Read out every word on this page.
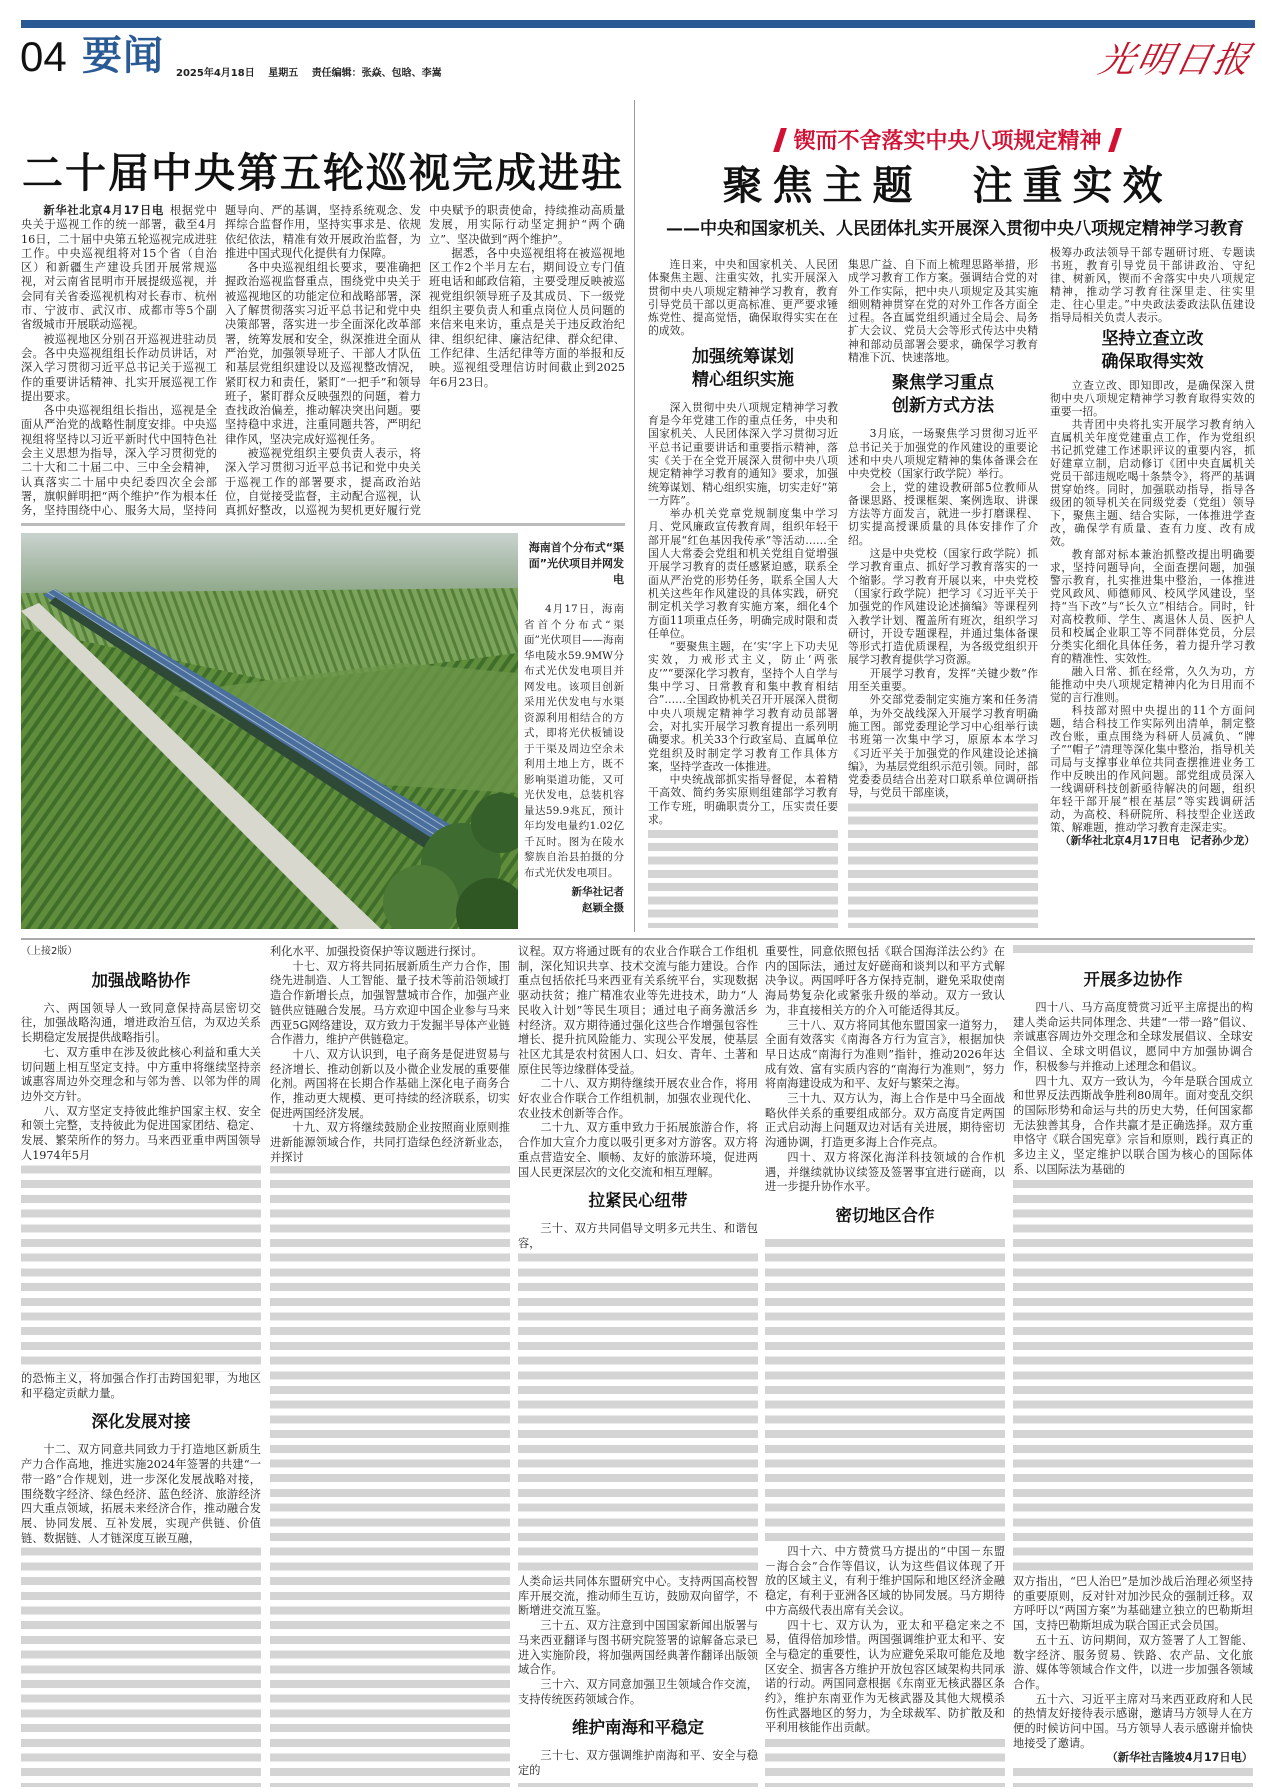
04 要闻 2025年4月18日 星期五 责任编辑：张焱、包晗、李嵩	光明日报
二十届中央第五轮巡视完成进驻

新华社北京4月17日电 根据党中央关于巡视工作的统一部署，截至4月16日，二十届中央第五轮巡视完成进驻工作。中央巡视组将对15个省（自治区）和新疆生产建设兵团开展常规巡视，对云南省昆明市开展提级巡视，并会同有关省委巡视机构对长春市、杭州市、宁波市、武汉市、成都市等5个副省级城市开展联动巡视。

被巡视地区分别召开巡视进驻动员会。各中央巡视组组长作动员讲话，对深入学习贯彻习近平总书记关于巡视工作的重要讲话精神、扎实开展巡视工作提出要求。

各中央巡视组组长指出，巡视是全面从严治党的战略性制度安排。中央巡视组将坚持以习近平新时代中国特色社会主义思想为指导，深入学习贯彻党的二十大和二十届二中、三中全会精神，认真落实二十届中央纪委四次全会部署，旗帜鲜明把“两个维护”作为根本任务，坚持围绕中心、服务大局，坚持问题导向、严的基调，坚持系统观念、发挥综合监督作用，坚持实事求是、依规依纪依法，精准有效开展政治监督，为推进中国式现代化提供有力保障。

各中央巡视组组长要求，要准确把握政治巡视监督重点，围绕党中央关于被巡视地区的功能定位和战略部署，深入了解贯彻落实习近平总书记和党中央决策部署，落实进一步全面深化改革部署，统筹发展和安全，纵深推进全面从严治党，加强领导班子、干部人才队伍和基层党组织建设以及巡视整改情况，紧盯权力和责任，紧盯“一把手”和领导班子，紧盯群众反映强烈的问题，着力查找政治偏差，推动解决突出问题。要坚持稳中求进，注重同题共答，严明纪律作风，坚决完成好巡视任务。

被巡视党组织主要负责人表示，将深入学习贯彻习近平总书记和党中央关于巡视工作的部署要求，提高政治站位，自觉接受监督，主动配合巡视，认真抓好整改，以巡视为契机更好履行党中央赋予的职责使命，持续推动高质量发展，用实际行动坚定拥护“两个确立”、坚决做到“两个维护”。

据悉，各中央巡视组将在被巡视地区工作2个半月左右，期间设立专门值班电话和邮政信箱，主要受理反映被巡视党组织领导班子及其成员、下一级党组织主要负责人和重点岗位人员问题的来信来电来访，重点是关于违反政治纪律、组织纪律、廉洁纪律、群众纪律、工作纪律、生活纪律等方面的举报和反映。巡视组受理信访时间截止到2025年6月23日。

海南首个分布式“渠面”光伏项目并网发电

4月17日，海南省首个分布式“渠面”光伏项目——海南华电陵水59.9MW分布式光伏发电项目并网发电。该项目创新采用光伏发电与水渠资源利用相结合的方式，即将光伏板铺设于干渠及周边空余未利用土地上方，既不影响渠道功能，又可光伏发电，总装机容量达59.9兆瓦，预计年均发电量约1.02亿千瓦时。图为在陵水黎族自治县拍摄的分布式光伏发电项目。

新华社记者
赵颖全摄
锲而不舍落实中央八项规定精神
聚焦主题　注重实效
——中央和国家机关、人民团体扎实开展深入贯彻中央八项规定精神学习教育

连日来，中央和国家机关、人民团体聚焦主题、注重实效，扎实开展深入贯彻中央八项规定精神学习教育，教育引导党员干部以更高标准、更严要求锤炼党性、提高觉悟，确保取得实实在在的成效。

加强统筹谋划
精心组织实施

深入贯彻中央八项规定精神学习教育是今年党建工作的重点任务，中央和国家机关、人民团体深入学习贯彻习近平总书记重要讲话和重要指示精神，落实《关于在全党开展深入贯彻中央八项规定精神学习教育的通知》要求，加强统筹谋划、精心组织实施，切实走好“第一方阵”。

举办机关党章党规制度集中学习月、党风廉政宣传教育周，组织年轻干部开展“红色基因我传承”等活动……全国人大常委会党组和机关党组自觉增强开展学习教育的责任感紧迫感，联系全面从严治党的形势任务，联系全国人大机关这些年作风建设的具体实践，研究制定机关学习教育实施方案，细化4个方面11项重点任务，明确完成时限和责任单位。

“要聚焦主题，在‘实’字上下功夫见实效，力戒形式主义，防止‘两张皮’”“要深化学习教育，坚持个人自学与集中学习、日常教育和集中教育相结合”……全国政协机关召开开展深入贯彻中央八项规定精神学习教育动员部署会，对扎实开展学习教育提出一系列明确要求。机关33个行政室局、直属单位党组织及时制定学习教育工作具体方案，坚持学查改一体推进。

中央统战部抓实指导督促，本着精干高效、简约务实原则组建部学习教育工作专班，明确职责分工，压实责任要求。

集思广益、自下而上梳理思路举措，形成学习教育工作方案。强调结合党的对外工作实际，把中央八项规定及其实施细则精神贯穿在党的对外工作各方面全过程。各直属党组织通过全局会、局务扩大会议、党员大会等形式传达中央精神和部动员部署会要求，确保学习教育精准下沉、快速落地。

聚焦学习重点
创新方式方法

3月底，一场聚焦学习贯彻习近平总书记关于加强党的作风建设的重要论述和中央八项规定精神的集体备课会在中央党校（国家行政学院）举行。

会上，党的建设教研部5位教师从备课思路、授课框架、案例选取、讲课方法等方面发言，就进一步打磨课程、切实提高授课质量的具体安排作了介绍。

这是中央党校（国家行政学院）抓学习教育重点、抓好学习教育落实的一个缩影。学习教育开展以来，中央党校（国家行政学院）把学习《习近平关于加强党的作风建设论述摘编》等课程列入教学计划、覆盖所有班次，组织学习研讨，开设专题课程，并通过集体备课等形式打造优质课程，为各级党组织开展学习教育提供学习资源。

开展学习教育，发挥“关键少数”作用至关重要。

外交部党委制定实施方案和任务清单，为外交战线深入开展学习教育明确施工图。部党委理论学习中心组举行读书班第一次集中学习，原原本本学习《习近平关于加强党的作风建设论述摘编》，为基层党组织示范引领。同时，部党委委员结合出差对口联系单位调研指导，与党员干部座谈，

极筹办政法领导干部专题研讨班、专题读书班，教育引导党员干部讲政治、守纪律、树新风，锲而不舍落实中央八项规定精神，推动学习教育往深里走、往实里走、往心里走。”中央政法委政法队伍建设指导局相关负责人表示。

坚持立查立改
确保取得实效

立查立改、即知即改，是确保深入贯彻中央八项规定精神学习教育取得实效的重要一招。

共青团中央将扎实开展学习教育纳入直属机关年度党建重点工作，作为党组织书记抓党建工作述职评议的重要内容，抓好建章立制，启动修订《团中央直属机关党员干部违规吃喝十条禁令》，将严的基调贯穿始终。同时，加强联动指导，指导各级团的领导机关在同级党委（党组）领导下，聚焦主题、结合实际，一体推进学查改，确保学有质量、查有力度、改有成效。

教育部对标本兼治抓整改提出明确要求，坚持问题导向，全面查摆问题，加强警示教育，扎实推进集中整治，一体推进党风政风、师德师风、校风学风建设，坚持“当下改”与“长久立”相结合。同时，针对高校教师、学生、离退休人员、医护人员和校属企业职工等不同群体党员，分层分类实化细化具体任务，着力提升学习教育的精准性、实效性。

融入日常、抓在经常，久久为功，方能推动中央八项规定精神内化为日用而不觉的言行准则。

科技部对照中央提出的11个方面问题，结合科技工作实际列出清单，制定整改台账，重点围绕为科研人员减负、“牌子”“帽子”清理等深化集中整治，指导机关司局与支撑事业单位共同查摆推进业务工作中反映出的作风问题。部党组成员深入一线调研科技创新亟待解决的问题，组织年轻干部开展“根在基层”等实践调研活动，为高校、科研院所、科技型企业送政策、解难题，推动学习教育走深走实。

（新华社北京4月17日电　记者孙少龙）

（上接2版）

加强战略协作

六、两国领导人一致同意保持高层密切交往，加强战略沟通，增进政治互信，为双边关系长期稳定发展提供战略指引。

七、双方重申在涉及彼此核心利益和重大关切问题上相互坚定支持。中方重申将继续坚持亲诚惠容周边外交理念和与邻为善、以邻为伴的周边外交方针。

八、双方坚定支持彼此维护国家主权、安全和领土完整，支持彼此为促进国家团结、稳定、发展、繁荣所作的努力。马来西亚重申两国领导人1974年5月

的恐怖主义，将加强合作打击跨国犯罪，为地区和平稳定贡献力量。

深化发展对接

十二、双方同意共同致力于打造地区新质生产力合作高地，推进实施2024年签署的共建“一带一路”合作规划，进一步深化发展战略对接，围绕数字经济、绿色经济、蓝色经济、旅游经济四大重点领域，拓展未来经济合作，推动融合发展、协同发展、互补发展，实现产供链、价值链、数据链、人才链深度互嵌互融，

利化水平、加强投资保护等议题进行探讨。

十七、双方将共同拓展新质生产力合作，围绕先进制造、人工智能、量子技术等前沿领域打造合作新增长点，加强智慧城市合作，加强产业链供应链融合发展。马方欢迎中国企业参与马来西亚5G网络建设，双方致力于发掘半导体产业链合作潜力，维护产供链稳定。

十八、双方认识到，电子商务是促进贸易与经济增长、推动创新以及小微企业发展的重要催化剂。两国将在长期合作基础上深化电子商务合作，推动更大规模、更可持续的经济联系，切实促进两国经济发展。

十九、双方将继续鼓励企业按照商业原则推进新能源领域合作，共同打造绿色经济新业态，并探讨

议程。双方将通过既有的农业合作联合工作组机制，深化知识共享、技术交流与能力建设。合作重点包括依托马来西亚有关系统平台，实现数据驱动扶贫；推广精准农业等先进技术，助力“人民收入计划”等民生项目；通过电子商务激活乡村经济。双方期待通过强化这些合作增强包容性增长、提升抗风险能力、实现公平发展，使基层社区尤其是农村贫困人口、妇女、青年、土著和原住民等边缘群体受益。

二十八、双方期待继续开展农业合作，将用好农业合作联合工作组机制，加强农业现代化、农业技术创新等合作。

二十九、双方重申致力于拓展旅游合作，将合作加大宣介力度以吸引更多对方游客。双方将重点营造安全、顺畅、友好的旅游环境，促进两国人民更深层次的文化交流和相互理解。

拉紧民心纽带

三十、双方共同倡导文明多元共生、和谐包容，

人类命运共同体东盟研究中心。支持两国高校智库开展交流，推动师生互访，鼓励双向留学，不断增进交流互鉴。

三十五、双方注意到中国国家新闻出版署与马来西亚翻译与图书研究院签署的谅解备忘录已进入实施阶段，将加强两国经典著作翻译出版领域合作。

三十六、双方同意加强卫生领域合作交流，支持传统医药领域合作。

维护南海和平稳定

三十七、双方强调维护南海和平、安全与稳定的

重要性，同意依照包括《联合国海洋法公约》在内的国际法，通过友好磋商和谈判以和平方式解决争议。两国呼吁各方保持克制，避免采取使南海局势复杂化或紧张升级的举动。双方一致认为，非直接相关方的介入可能适得其反。

三十八、双方将同其他东盟国家一道努力，全面有效落实《南海各方行为宣言》，根据加快早日达成“南海行为准则”指针，推动2026年达成有效、富有实质内容的“南海行为准则”，努力将南海建设成为和平、友好与繁荣之海。

三十九、双方认为，海上合作是中马全面战略伙伴关系的重要组成部分。双方高度肯定两国正式启动海上问题双边对话有关进展，期待密切沟通协调，打造更多海上合作亮点。

四十、双方将深化海洋科技领域的合作机遇，并继续就协议续签及签署事宜进行磋商，以进一步提升协作水平。

密切地区合作

四十六、中方赞赏马方提出的“中国－东盟－海合会”合作等倡议，认为这些倡议体现了开放的区域主义，有利于维护国际和地区经济金融稳定，有利于亚洲各区域的协同发展。马方期待中方高级代表出席有关会议。

四十七、双方认为，亚太和平稳定来之不易，值得倍加珍惜。两国强调维护亚太和平、安全与稳定的重要性，认为应避免采取可能危及地区安全、损害各方维护开放包容区域架构共同承诺的行动。两国同意根据《东南亚无核武器区条约》，维护东南亚作为无核武器及其他大规模杀伤性武器地区的努力，为全球裁军、防扩散及和平利用核能作出贡献。

开展多边协作

四十八、马方高度赞赏习近平主席提出的构建人类命运共同体理念、共建“一带一路”倡议、亲诚惠容周边外交理念和全球发展倡议、全球安全倡议、全球文明倡议，愿同中方加强协调合作，积极参与并推动上述理念和倡议。

四十九、双方一致认为，今年是联合国成立和世界反法西斯战争胜利80周年。面对变乱交织的国际形势和命运与共的历史大势，任何国家都无法独善其身，合作共赢才是正确选择。双方重申恪守《联合国宪章》宗旨和原则，践行真正的多边主义，坚定维护以联合国为核心的国际体系、以国际法为基础的

双方指出，“巴人治巴”是加沙战后治理必须坚持的重要原则，反对针对加沙民众的强制迁移。双方呼吁以“两国方案”为基础建立独立的巴勒斯坦国，支持巴勒斯坦成为联合国正式会员国。

五十五、访问期间，双方签署了人工智能、数字经济、服务贸易、铁路、农产品、文化旅游、媒体等领域合作文件，以进一步加强各领域合作。

五十六、习近平主席对马来西亚政府和人民的热情友好接待表示感谢，邀请马方领导人在方便的时候访问中国。马方领导人表示感谢并愉快地接受了邀请。

（新华社吉隆坡4月17日电）
